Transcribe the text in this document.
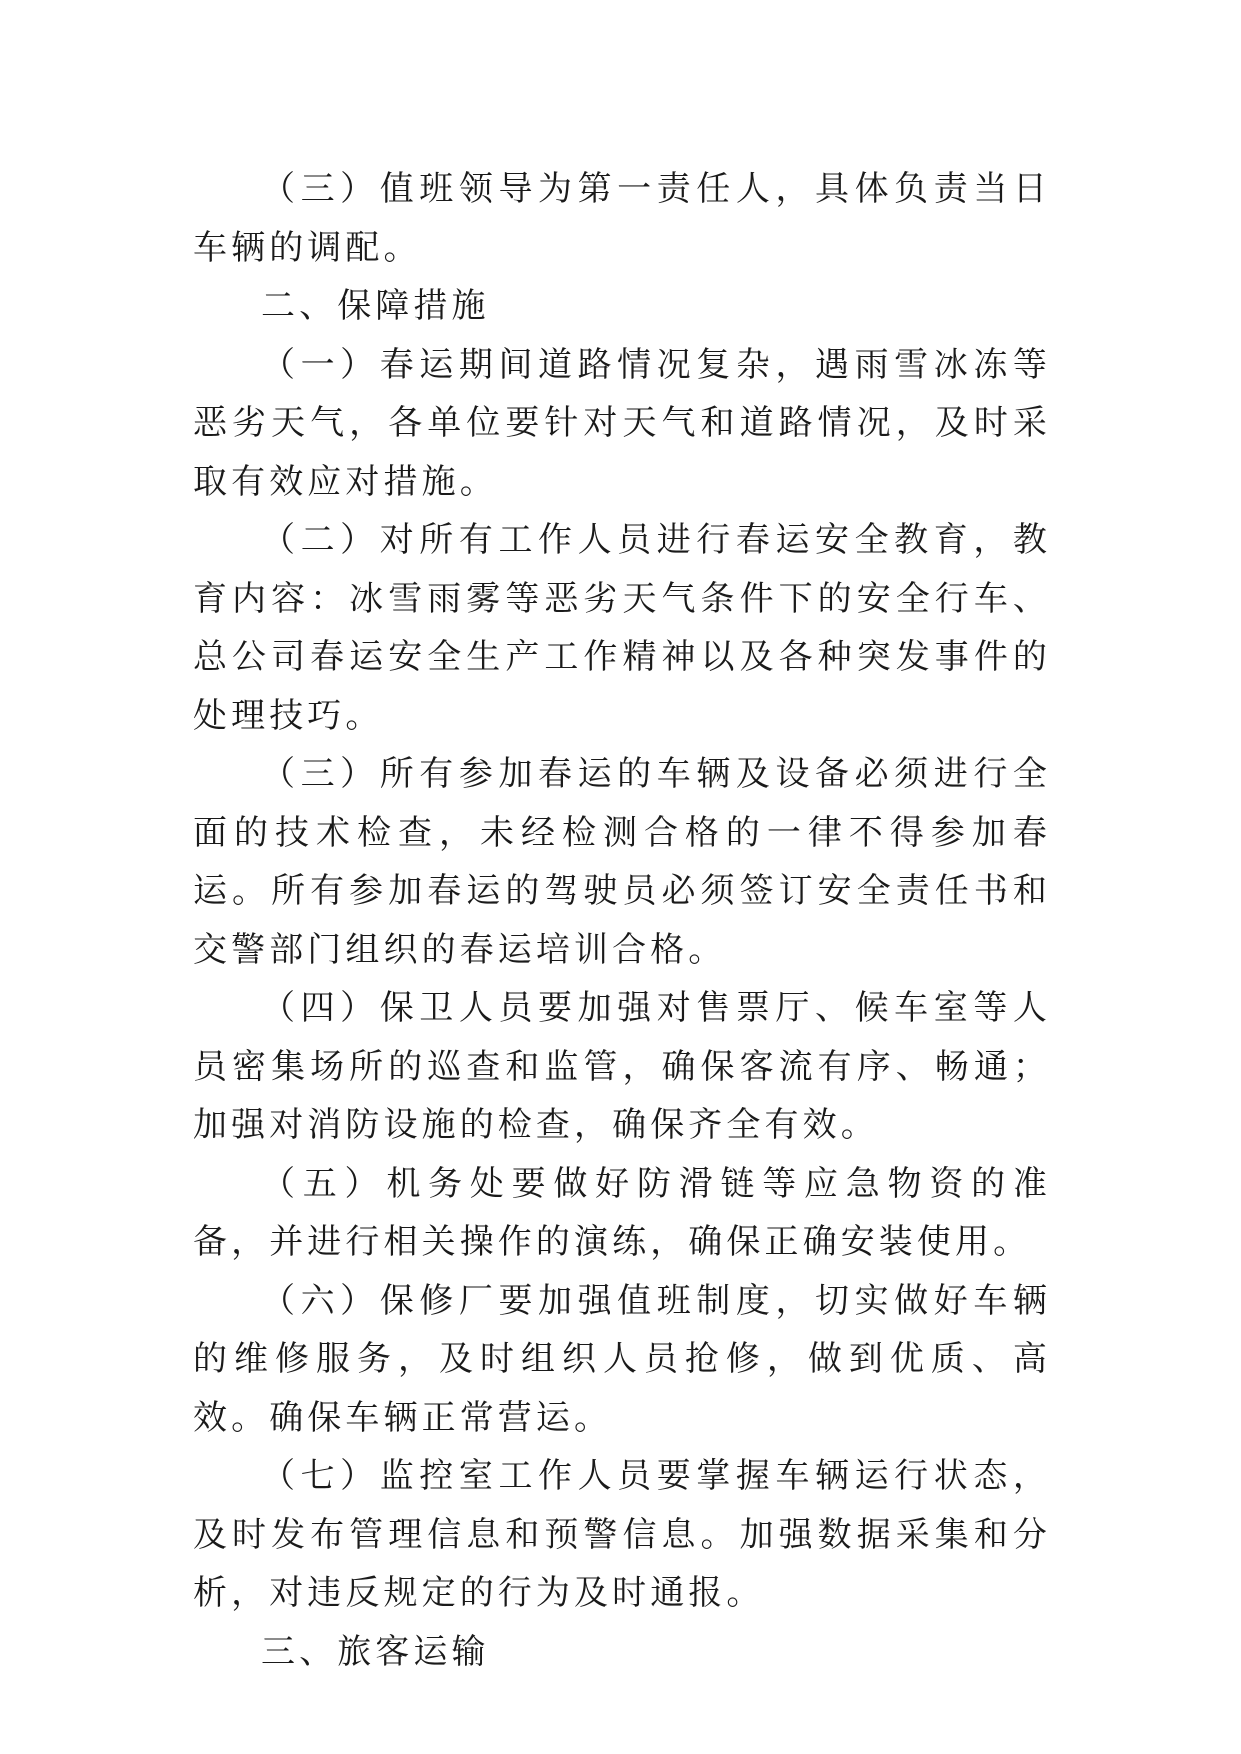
（三）值班领导为第一责任人，具体负责当日车辆的调配。

二、保障措施

（一）春运期间道路情况复杂，遇雨雪冰冻等恶劣天气，各单位要针对天气和道路情况，及时采取有效应对措施。

（二）对所有工作人员进行春运安全教育，教育内容：冰雪雨雾等恶劣天气条件下的安全行车、总公司春运安全生产工作精神以及各种突发事件的处理技巧。

（三）所有参加春运的车辆及设备必须进行全面的技术检查，未经检测合格的一律不得参加春运。所有参加春运的驾驶员必须签订安全责任书和交警部门组织的春运培训合格。

（四）保卫人员要加强对售票厅、候车室等人员密集场所的巡查和监管，确保客流有序、畅通；加强对消防设施的检查，确保齐全有效。

（五）机务处要做好防滑链等应急物资的准备，并进行相关操作的演练，确保正确安装使用。

（六）保修厂要加强值班制度，切实做好车辆的维修服务，及时组织人员抢修，做到优质、高效。确保车辆正常营运。

（七）监控室工作人员要掌握车辆运行状态，及时发布管理信息和预警信息。加强数据采集和分析，对违反规定的行为及时通报。

三、旅客运输
